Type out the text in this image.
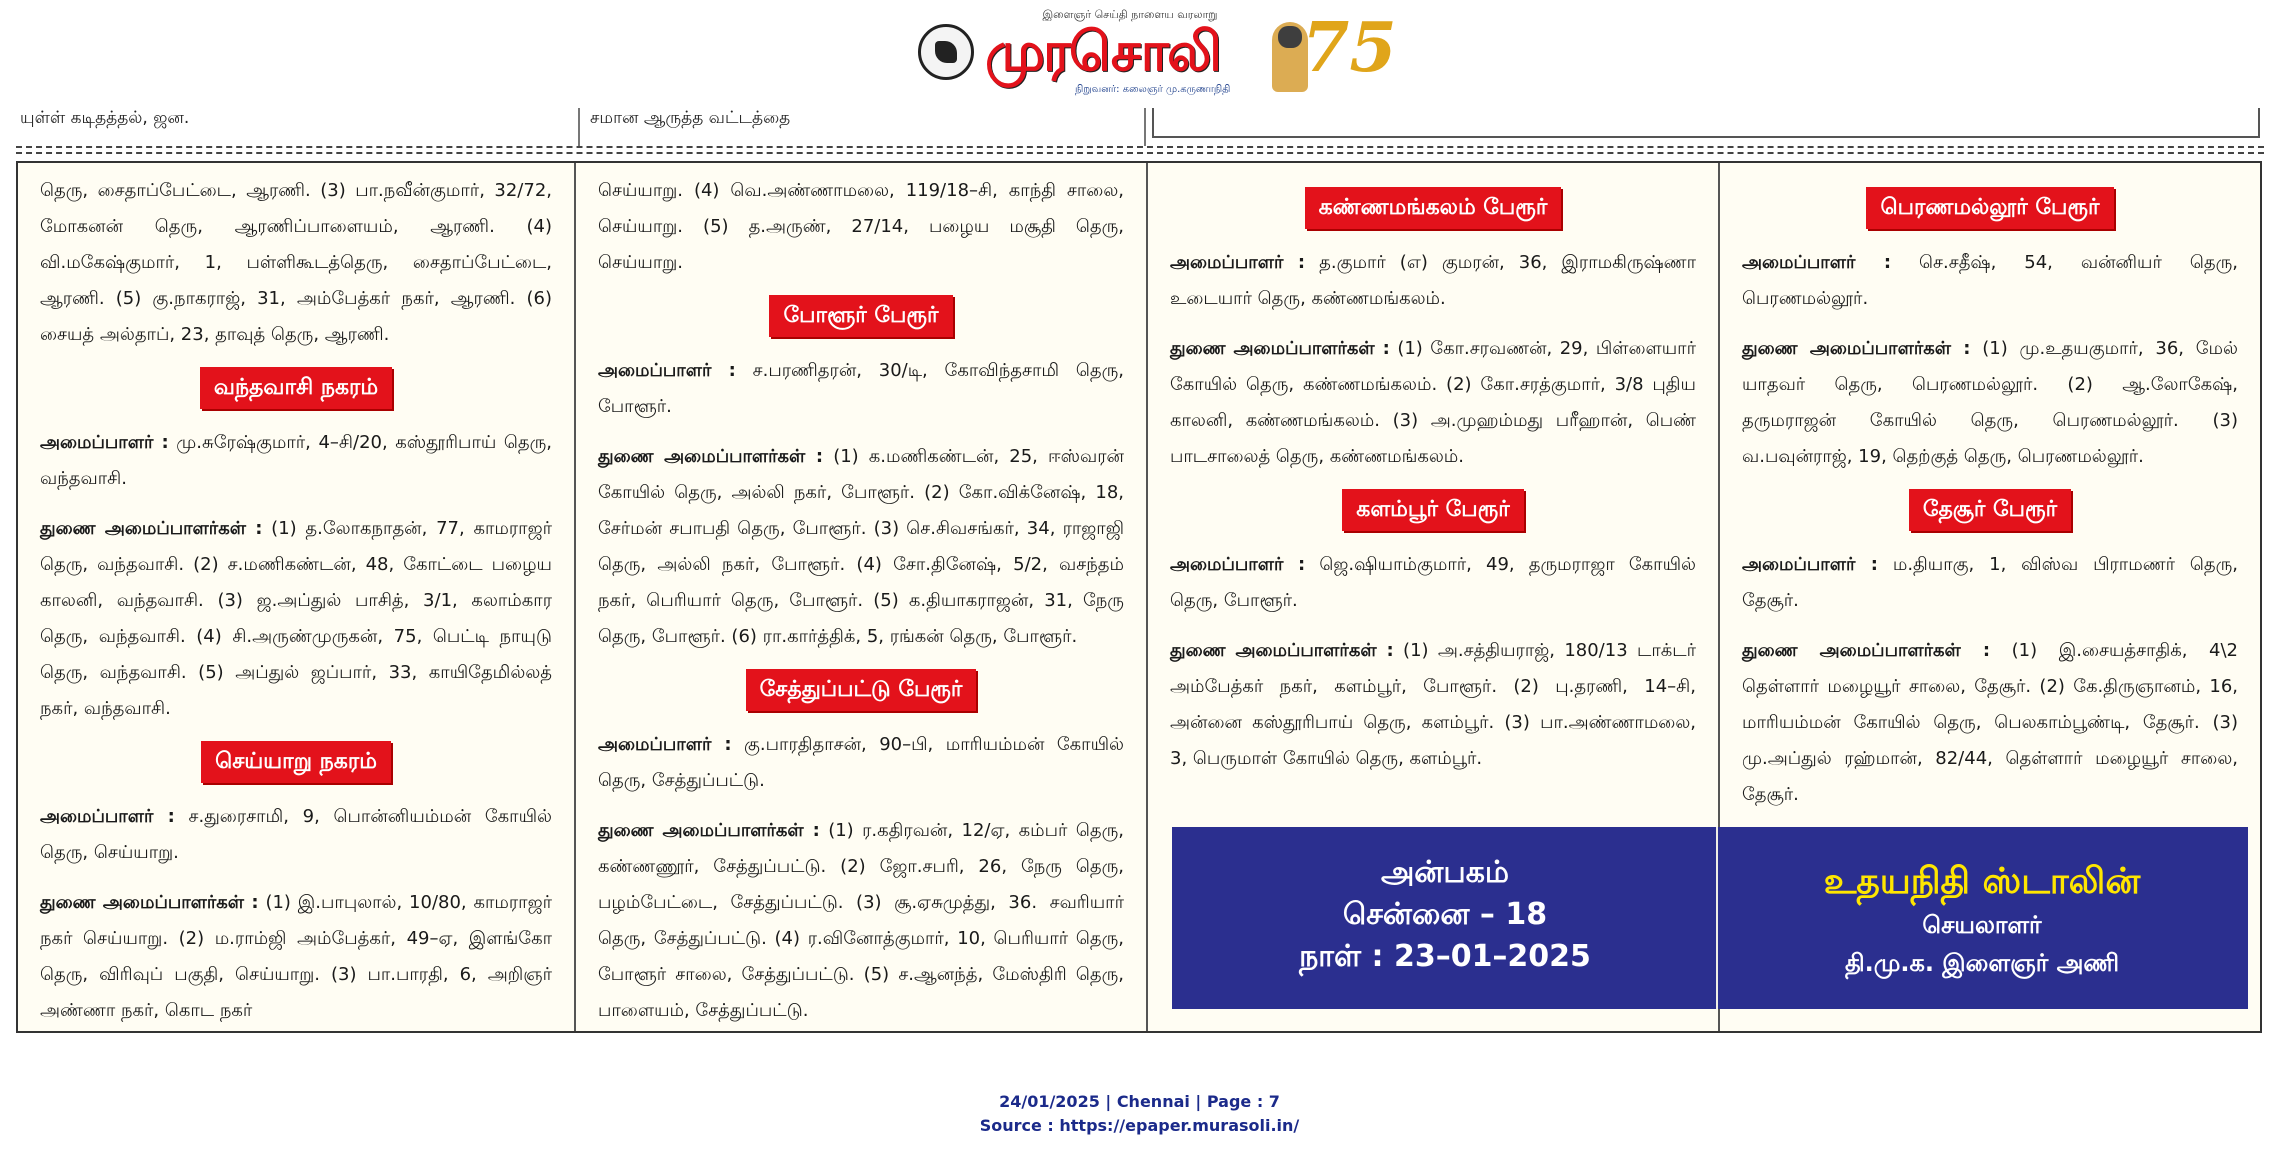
இளைஞர் செய்தி நாளைய வரலாறு
முரசொலி
நிறுவனர்: கலைஞர் மு.கருணாநிதி
75
யுள்ள் கடிதத்தல், ஜன.	சமான ஆருத்த வட்டத்தை

தெரு, சைதாப்பேட்டை, ஆரணி. (3) பா.நவீன்குமார், 32/72, மோகனன் தெரு, ஆரணிப்பாளையம், ஆரணி. (4) வி.மகேஷ்குமார், 1, பள்ளிகூடத்தெரு, சைதாப்பேட்டை, ஆரணி. (5) கு.நாகராஜ், 31, அம்பேத்கர் நகர், ஆரணி. (6) சையத் அல்தாப், 23, தாவுத் தெரு, ஆரணி.

வந்தவாசி நகரம்

அமைப்பாளர் : மு.சுரேஷ்குமார், 4–சி/20, கஸ்தூரிபாய் தெரு, வந்தவாசி.

துணை அமைப்பாளர்கள் : (1) த.லோகநாதன், 77, காமராஜர் தெரு, வந்தவாசி. (2) ச.மணிகண்டன், 48, கோட்டை பழைய காலனி, வந்தவாசி. (3) ஜ.அப்துல் பாசித், 3/1, கலாம்கார தெரு, வந்தவாசி. (4) சி.அருண்முருகன், 75, பெட்டி நாயுடு தெரு, வந்தவாசி. (5) அப்துல் ஜப்பார், 33, காயிதேமில்லத் நகர், வந்தவாசி.

செய்யாறு நகரம்

அமைப்பாளர் : ச.துரைசாமி, 9, பொன்னியம்மன் கோயில் தெரு, செய்யாறு.

துணை அமைப்பாளர்கள் : (1) இ.பாபுலால், 10/80, காமராஜர் நகர் செய்யாறு. (2) ம.ராம்ஜி அம்பேத்கர், 49–ஏ, இளங்கோ தெரு, விரிவுப் பகுதி, செய்யாறு. (3) பா.பாரதி, 6, அறிஞர் அண்ணா நகர், கொட நகர்

செய்யாறு. (4) வெ.அண்ணாமலை, 119/18–சி, காந்தி சாலை, செய்யாறு. (5) த.அருண், 27/14, பழைய மசூதி தெரு, செய்யாறு.

போளூர் பேரூர்

அமைப்பாளர் : ச.பரணிதரன், 30/டி, கோவிந்தசாமி தெரு, போளூர்.

துணை அமைப்பாளர்கள் : (1) க.மணிகண்டன், 25, ஈஸ்வரன் கோயில் தெரு, அல்லி நகர், போளூர். (2) கோ.விக்னேஷ், 18, சேர்மன் சபாபதி தெரு, போளூர். (3) செ.சிவசங்கர், 34, ராஜாஜி தெரு, அல்லி நகர், போளூர். (4) சோ.தினேஷ், 5/2, வசந்தம் நகர், பெரியார் தெரு, போளூர். (5) க.தியாகராஜன், 31, நேரு தெரு, போளூர். (6) ரா.கார்த்திக், 5, ரங்கன் தெரு, போளூர்.

சேத்துப்பட்டு பேரூர்

அமைப்பாளர் : கு.பாரதிதாசன், 90–பி, மாரியம்மன் கோயில் தெரு, சேத்துப்பட்டு.

துணை அமைப்பாளர்கள் : (1) ர.கதிரவன், 12/ஏ, கம்பர் தெரு, கண்ணணூர், சேத்துப்பட்டு. (2) ஜோ.சபரி, 26, நேரு தெரு, பழம்பேட்டை, சேத்துப்பட்டு. (3) சூ.ஏசுமுத்து, 36. சவரியார் தெரு, சேத்துப்பட்டு. (4) ர.வினோத்குமார், 10, பெரியார் தெரு, போளூர் சாலை, சேத்துப்பட்டு. (5) ச.ஆனந்த், மேஸ்திரி தெரு, பாளையம், சேத்துப்பட்டு.

கண்ணமங்கலம் பேரூர்

அமைப்பாளர் : த.குமார் (எ) குமரன், 36, இராமகிருஷ்ணா உடையார் தெரு, கண்ணமங்கலம்.

துணை அமைப்பாளர்கள் : (1) கோ.சரவணன், 29, பிள்ளையார் கோயில் தெரு, கண்ணமங்கலம். (2) கோ.சரத்குமார், 3/8 புதிய காலனி, கண்ணமங்கலம். (3) அ.முஹம்மது பரீஹான், பெண் பாடசாலைத் தெரு, கண்ணமங்கலம்.

களம்பூர் பேரூர்

அமைப்பாளர் : ஜெ.ஷியாம்குமார், 49, தருமராஜா கோயில் தெரு, போளூர்.

துணை அமைப்பாளர்கள் : (1) அ.சத்தியராஜ், 180/13 டாக்டர் அம்பேத்கர் நகர், களம்பூர், போளூர். (2) பு.தரணி, 14–சி, அன்னை கஸ்தூரிபாய் தெரு, களம்பூர். (3) பா.அண்ணாமலை, 3, பெருமாள் கோயில் தெரு, களம்பூர்.

பெரணமல்லூர் பேரூர்

அமைப்பாளர் : செ.சதீஷ், 54, வன்னியர் தெரு, பெரணமல்லூர்.

துணை அமைப்பாளர்கள் : (1) மு.உதயகுமார், 36, மேல் யாதவர் தெரு, பெரணமல்லூர். (2) ஆ.லோகேஷ், தருமராஜன் கோயில் தெரு, பெரணமல்லூர். (3) வ.பவுன்ராஜ், 19, தெற்குத் தெரு, பெரணமல்லூர்.

தேசூர் பேரூர்

அமைப்பாளர் : ம.தியாகு, 1, விஸ்வ பிராமணர் தெரு, தேசூர்.

துணை அமைப்பாளர்கள் : (1) இ.சையத்சாதிக், 4\2 தெள்ளார் மழையூர் சாலை, தேசூர். (2) கே.திருஞானம், 16, மாரியம்மன் கோயில் தெரு, பெலகாம்பூண்டி, தேசூர். (3) மு.அப்துல் ரஹ்மான், 82/44, தெள்ளார் மழையூர் சாலை, தேசூர்.

அன்பகம்
சென்னை – 18
நாள் : 23–01–2025
உதயநிதி ஸ்டாலின்
செயலாளர்
தி.மு.க. இளைஞர் அணி
24/01/2025 | Chennai | Page : 7
Source : https://epaper.murasoli.in/
